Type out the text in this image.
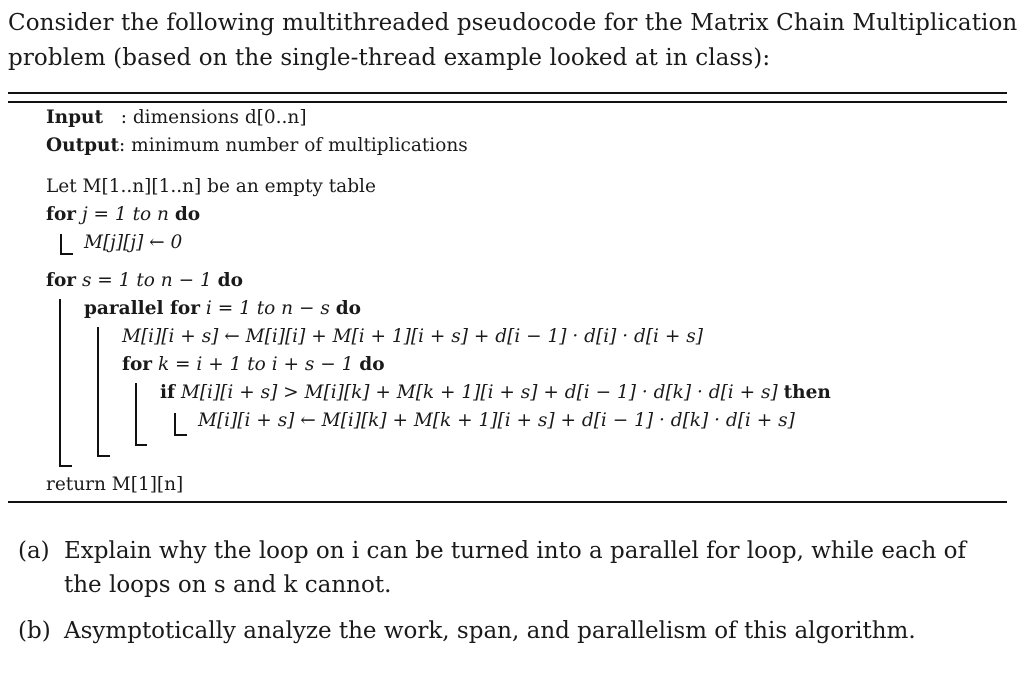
Consider the following multithreaded pseudocode for the Matrix Chain Multiplication
problem (based on the single-thread example looked at in class):
Input : dimensions d[0..n]
Output: minimum number of multiplications
Let M[1..n][1..n] be an empty table
for j = 1 to n do
M[j][j] ← 0
for s = 1 to n − 1 do
parallel for i = 1 to n − s do
M[i][i + s] ← M[i][i] + M[i + 1][i + s] + d[i − 1] · d[i] · d[i + s]
for k = i + 1 to i + s − 1 do
if M[i][i + s] > M[i][k] + M[k + 1][i + s] + d[i − 1] · d[k] · d[i + s] then
M[i][i + s] ← M[i][k] + M[k + 1][i + s] + d[i − 1] · d[k] · d[i + s]
return M[1][n]
(a) Explain why the loop on i can be turned into a parallel for loop, while each of
the loops on s and k cannot.
(b) Asymptotically analyze the work, span, and parallelism of this algorithm.
